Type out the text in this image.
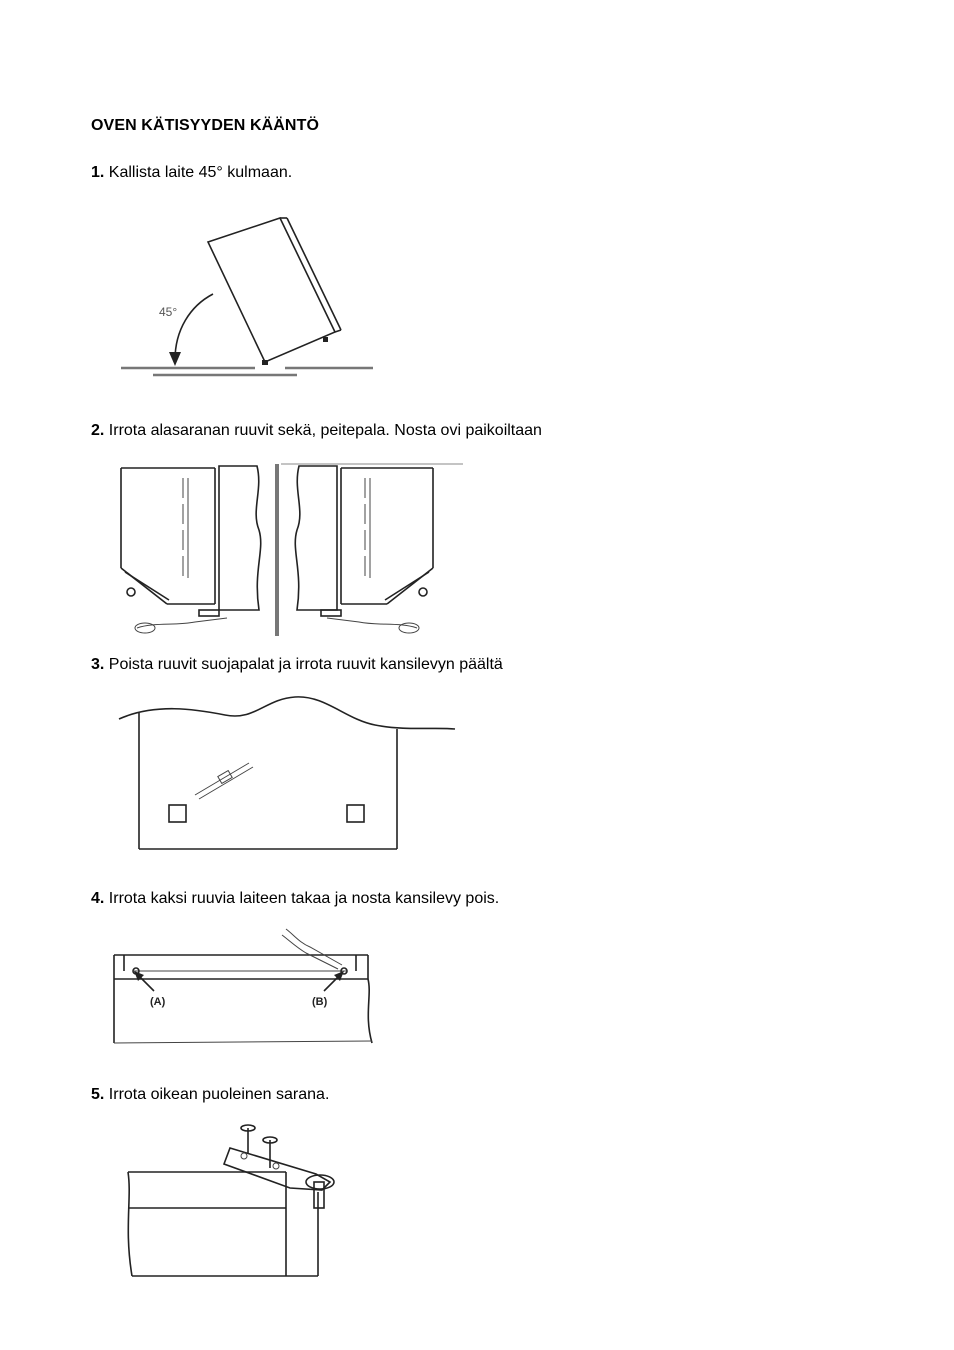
OVEN KÄTISYYDEN KÄÄNTÖ
1. Kallista laite 45° kulmaan.
45°
2. Irrota alasaranan ruuvit sekä, peitepala. Nosta ovi paikoiltaan
3. Poista ruuvit suojapalat ja irrota ruuvit kansilevyn päältä
4. Irrota kaksi ruuvia laiteen takaa ja nosta kansilevy pois.
(A)	(B)
5. Irrota oikean puoleinen sarana.
